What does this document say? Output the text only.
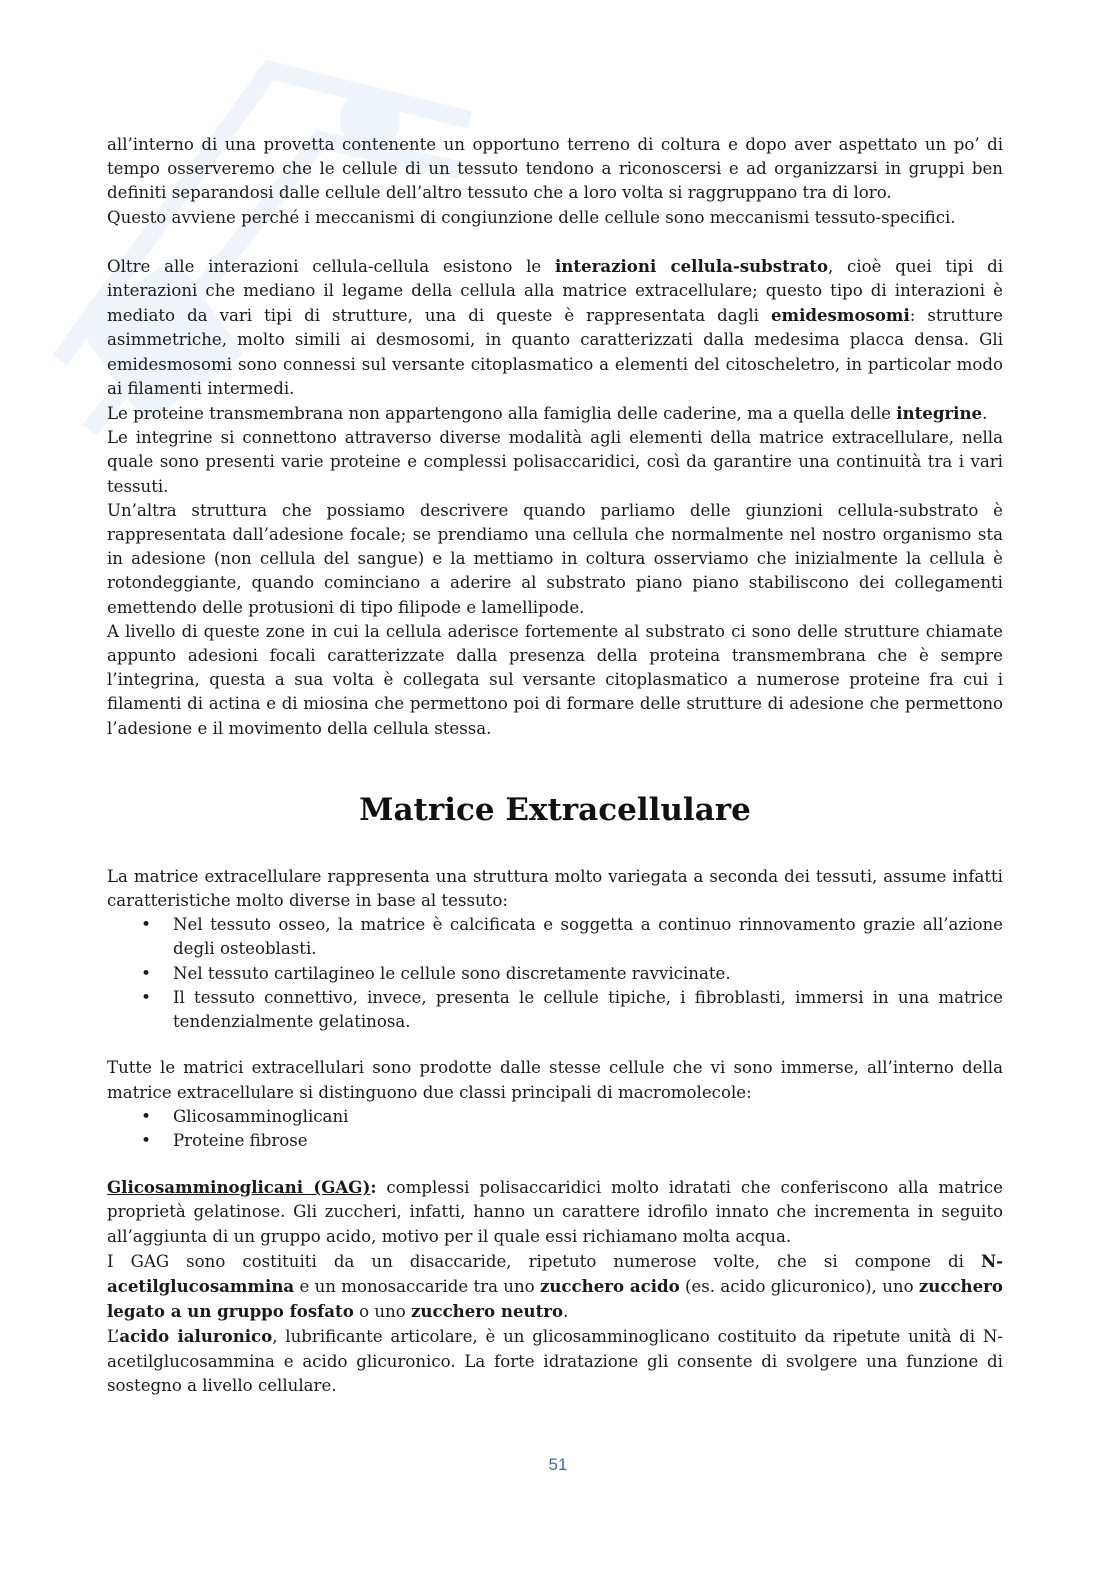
all’interno di una provetta contenente un opportuno terreno di coltura e dopo aver aspettato un po’ di tempo osserveremo che le cellule di un tessuto tendono a riconoscersi e ad organizzarsi in gruppi ben definiti separandosi dalle cellule dell’altro tessuto che a loro volta si raggruppano tra di loro.

Questo avviene perché i meccanismi di congiunzione delle cellule sono meccanismi tessuto-specifici.

Oltre alle interazioni cellula-cellula esistono le interazioni cellula-substrato, cioè quei tipi di interazioni che mediano il legame della cellula alla matrice extracellulare; questo tipo di interazioni è mediato da vari tipi di strutture, una di queste è rappresentata dagli emidesmosomi: strutture asimmetriche, molto simili ai desmosomi, in quanto caratterizzati dalla medesima placca densa. Gli emidesmosomi sono connessi sul versante citoplasmatico a elementi del citoscheletro, in particolar modo ai filamenti intermedi.

Le proteine transmembrana non appartengono alla famiglia delle caderine, ma a quella delle integrine.

Le integrine si connettono attraverso diverse modalità agli elementi della matrice extracellulare, nella quale sono presenti varie proteine e complessi polisaccaridici, così da garantire una continuità tra i vari tessuti.

Un’altra struttura che possiamo descrivere quando parliamo delle giunzioni cellula-substrato è rappresentata dall’adesione focale; se prendiamo una cellula che normalmente nel nostro organismo sta in adesione (non cellula del sangue) e la mettiamo in coltura osserviamo che inizialmente la cellula è rotondeggiante, quando cominciano a aderire al substrato piano piano stabiliscono dei collegamenti emettendo delle protusioni di tipo filipode e lamellipode.

A livello di queste zone in cui la cellula aderisce fortemente al substrato ci sono delle strutture chiamate appunto adesioni focali caratterizzate dalla presenza della proteina transmembrana che è sempre l’integrina, questa a sua volta è collegata sul versante citoplasmatico a numerose proteine fra cui i filamenti di actina e di miosina che permettono poi di formare delle strutture di adesione che permettono l’adesione e il movimento della cellula stessa.

Matrice Extracellulare

La matrice extracellulare rappresenta una struttura molto variegata a seconda dei tessuti, assume infatti caratteristiche molto diverse in base al tessuto:

• Nel tessuto osseo, la matrice è calcificata e soggetta a continuo rinnovamento grazie all’azione degli osteoblasti.
• Nel tessuto cartilagineo le cellule sono discretamente ravvicinate.
• Il tessuto connettivo, invece, presenta le cellule tipiche, i fibroblasti, immersi in una matrice tendenzialmente gelatinosa.

Tutte le matrici extracellulari sono prodotte dalle stesse cellule che vi sono immerse, all’interno della matrice extracellulare si distinguono due classi principali di macromolecole:

• Glicosamminoglicani
• Proteine fibrose

Glicosamminoglicani (GAG): complessi polisaccaridici molto idratati che conferiscono alla matrice proprietà gelatinose. Gli zuccheri, infatti, hanno un carattere idrofilo innato che incrementa in seguito all’aggiunta di un gruppo acido, motivo per il quale essi richiamano molta acqua.

I GAG sono costituiti da un disaccaride, ripetuto numerose volte, che si compone di N-acetilglucosammina e un monosaccaride tra uno zucchero acido (es. acido glicuronico), uno zucchero legato a un gruppo fosfato o uno zucchero neutro.

L’acido ialuronico, lubrificante articolare, è un glicosamminoglicano costituito da ripetute unità di N-acetilglucosammina e acido glicuronico. La forte idratazione gli consente di svolgere una funzione di sostegno a livello cellulare.

51
